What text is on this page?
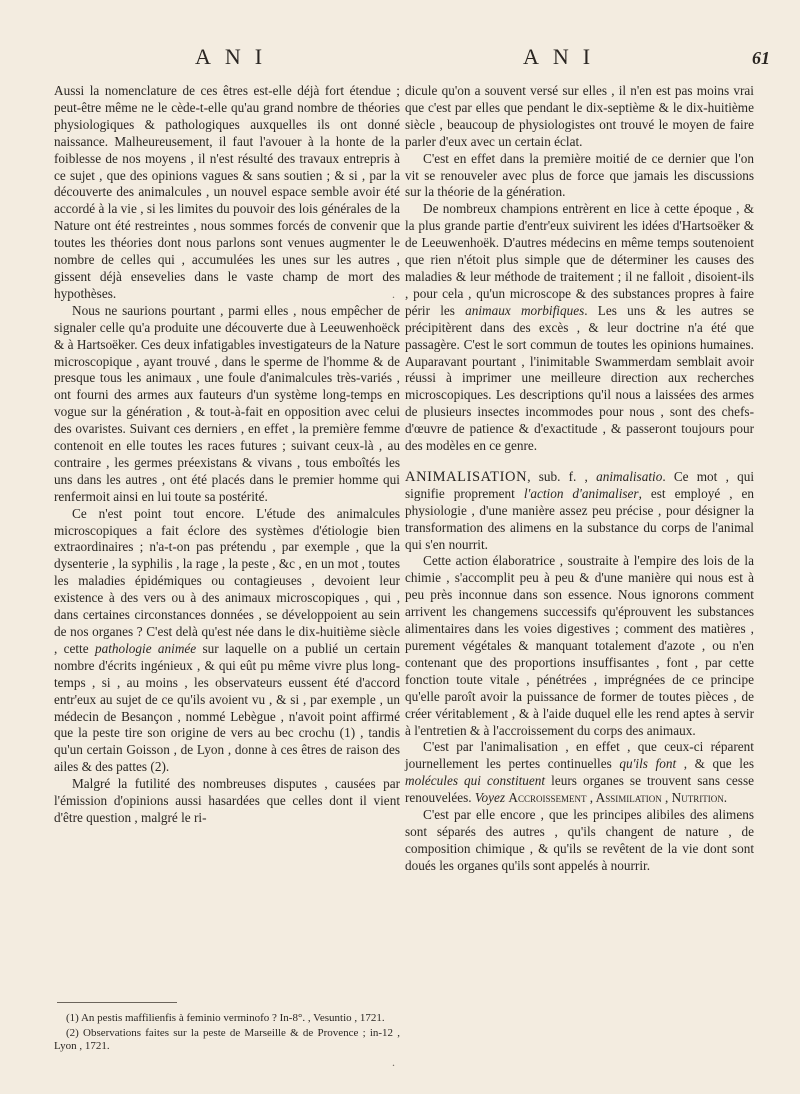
ANI	ANI	61

Aussi la nomenclature de ces êtres est-elle déjà fort étendue ; peut-être même ne le cède-t-elle qu'au grand nombre de théories physiologiques & pathologiques auxquelles ils ont donné naissance. Malheureusement, il faut l'avouer à la honte de la foiblesse de nos moyens , il n'est résulté des travaux entrepris à ce sujet , que des opinions vagues & sans soutien ; & si , par la découverte des animalcules , un nouvel espace semble avoir été accordé à la vie , si les limites du pouvoir des lois générales de la Nature ont été restreintes , nous sommes forcés de convenir que toutes les théories dont nous parlons sont venues augmenter le nombre de celles qui , accumulées les unes sur les autres , gissent déjà ensevelies dans le vaste champ de mort des hypothèses.

Nous ne saurions pourtant , parmi elles , nous empêcher de signaler celle qu'a produite une découverte due à Leeuwenhoëck & à Hartsoëker. Ces deux infatigables investigateurs de la Nature microscopique , ayant trouvé , dans le sperme de l'homme & de presque tous les animaux , une foule d'animalcules très-variés , ont fourni des armes aux fauteurs d'un système long-temps en vogue sur la génération , & tout-à-fait en opposition avec celui des ovaristes. Suivant ces derniers , en effet , la première femme contenoit en elle toutes les races futures ; suivant ceux-là , au contraire , les germes préexistans & vivans , tous emboîtés les uns dans les autres , ont été placés dans le premier homme qui renfermoit ainsi en lui toute sa postérité.

Ce n'est point tout encore. L'étude des animalcules microscopiques a fait éclore des systèmes d'étiologie bien extraordinaires ; n'a-t-on pas prétendu , par exemple , que la dysenterie , la syphilis , la rage , la peste , &c , en un mot , toutes les maladies épidémiques ou contagieuses , devoient leur existence à des vers ou à des animaux microscopiques , qui , dans certaines circonstances données , se développoient au sein de nos organes ? C'est delà qu'est née dans le dix-huitième siècle , cette pathologie animée sur laquelle on a publié un certain nombre d'écrits ingénieux , & qui eût pu même vivre plus long-temps , si , au moins , les observateurs eussent été d'accord entr'eux au sujet de ce qu'ils avoient vu , & si , par exemple , un médecin de Besançon , nommé Lebègue , n'avoit point affirmé que la peste tire son origine de vers au bec crochu (1) , tandis qu'un certain Goisson , de Lyon , donne à ces êtres de raison des ailes & des pattes (2).

Malgré la futilité des nombreuses disputes , causées par l'émission d'opinions aussi hasardées que celles dont il vient d'être question , malgré le ri-

(1) An pestis maffilienfis à feminio verminofo ? In-8°. , Vesuntio , 1721.

(2) Observations faites sur la peste de Marseille & de Provence ; in-12 , Lyon , 1721.

dicule qu'on a souvent versé sur elles , il n'en est pas moins vrai que c'est par elles que pendant le dix-septième & le dix-huitième siècle , beaucoup de physiologistes ont trouvé le moyen de faire parler d'eux avec un certain éclat.

C'est en effet dans la première moitié de ce dernier que l'on vit se renouveler avec plus de force que jamais les discussions sur la théorie de la génération.

De nombreux champions entrèrent en lice à cette époque , & la plus grande partie d'entr'eux suivirent les idées d'Hartsoëker & de Leeuwenhoëk. D'autres médecins en même temps soutenoient que rien n'étoit plus simple que de déterminer les causes des maladies & leur méthode de traitement ; il ne falloit , disoient-ils , pour cela , qu'un microscope & des substances propres à faire périr les animaux morbifiques. Les uns & les autres se précipitèrent dans des excès , & leur doctrine n'a été que passagère. C'est le sort commun de toutes les opinions humaines. Auparavant pourtant , l'inimitable Swammerdam semblait avoir réussi à imprimer une meilleure direction aux recherches microscopiques. Les descriptions qu'il nous a laissées des armes de plusieurs insectes incommodes pour nous , sont des chefs-d'œuvre de patience & d'exactitude , & passeront toujours pour des modèles en ce genre.

ANIMALISATION, sub. f. , animalisatio. Ce mot , qui signifie proprement l'action d'animaliser, est employé , en physiologie , d'une manière assez peu précise , pour désigner la transformation des alimens en la substance du corps de l'animal qui s'en nourrit.

Cette action élaboratrice , soustraite à l'empire des lois de la chimie , s'accomplit peu à peu & d'une manière qui nous est à peu près inconnue dans son essence. Nous ignorons comment arrivent les changemens successifs qu'éprouvent les substances alimentaires dans les voies digestives ; comment des matières , purement végétales & manquant totalement d'azote , ou n'en contenant que des proportions insuffisantes , font , par cette fonction toute vitale , pénétrées , imprégnées de ce principe qu'elle paroît avoir la puissance de former de toutes pièces , de créer véritablement , & à l'aide duquel elle les rend aptes à servir à l'entretien & à l'accroissement du corps des animaux.

C'est par l'animalisation , en effet , que ceux-ci réparent journellement les pertes continuelles qu'ils font , & que les molécules qui constituent leurs organes se trouvent sans cesse renouvelées. Voyez Accroissement , Assimilation , Nutrition.

C'est par elle encore , que les principes alibiles des alimens sont séparés des autres , qu'ils changent de nature , de composition chimique , & qu'ils se revêtent de la vie dont sont doués les organes qu'ils sont appelés à nourrir.

.
.
